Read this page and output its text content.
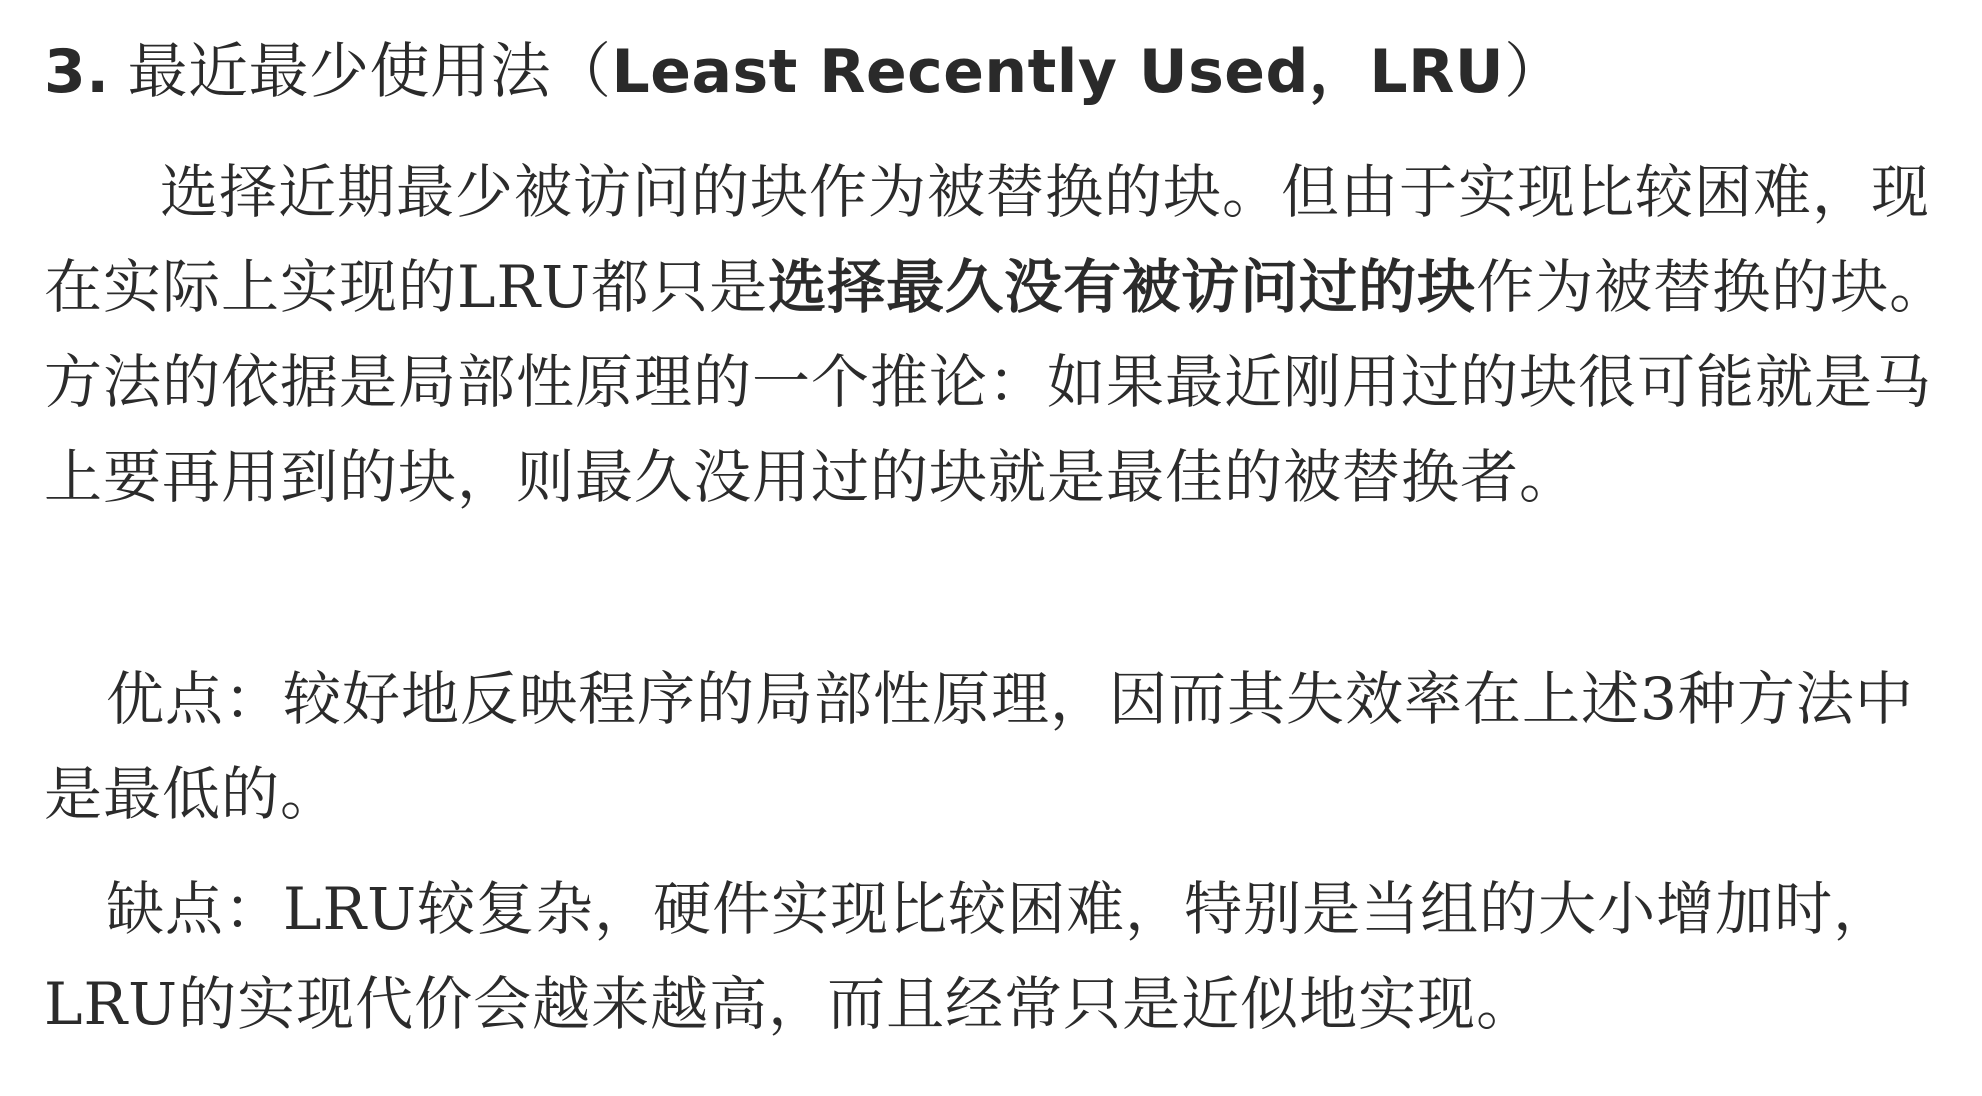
3. 最近最少使用法（Least Recently Used，LRU）
选择近期最少被访问的块作为被替换的块。但由于实现比较困难，现在实际上实现的LRU都只是选择最久没有被访问过的块作为被替换的块。方法的依据是局部性原理的一个推论：如果最近刚用过的块很可能就是马上要再用到的块，则最久没用过的块就是最佳的被替换者。
优点：较好地反映程序的局部性原理，因而其失效率在上述3种方法中是最低的。
缺点：LRU较复杂，硬件实现比较困难，特别是当组的大小增加时，LRU的实现代价会越来越高，而且经常只是近似地实现。
